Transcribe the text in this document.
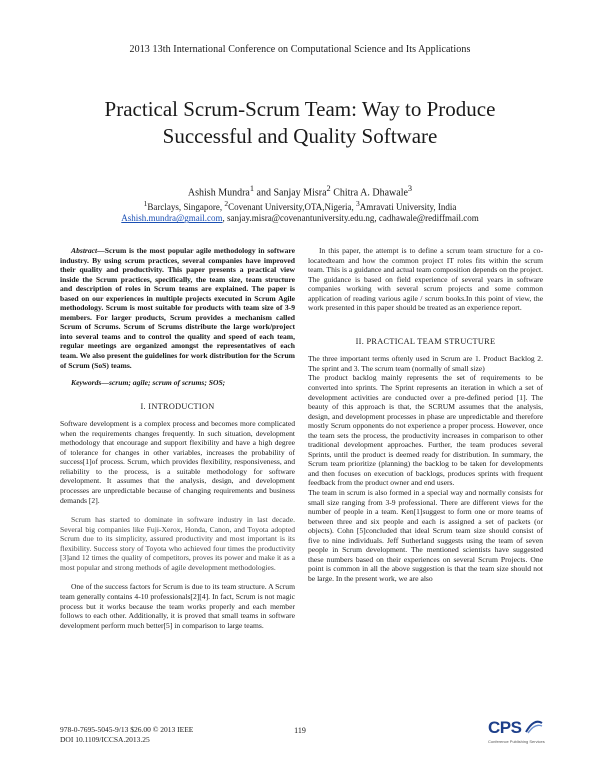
2013 13th International Conference on Computational Science and Its Applications
Practical Scrum-Scrum Team: Way to Produce
Successful and Quality Software
Ashish Mundra$^1$ and Sanjay Misra$^2$ Chitra A. Dhawale$^3$
$^1$Barclays, Singapore, $^2$Covenant University,OTA,Nigeria, $^3$Amravati University, India
Ashish.mundra@gmail.com, sanjay.misra@covenantuniversity.edu.ng, cadhawale@rediffmail.com

Abstract—Scrum is the most popular agile methodology in software industry. By using scrum practices, several companies have improved their quality and productivity. This paper presents a practical view inside the Scrum practices, specifically, the team size, team structure and description of roles in Scrum teams are explained. The paper is based on our experiences in multiple projects executed in Scrum Agile methodology. Scrum is most suitable for products with team size of 3-9 members. For larger products, Scrum provides a mechanism called Scrum of Scrums. Scrum of Scrums distribute the large work/project into several teams and to control the quality and speed of each team, regular meetings are organized amongst the representatives of each team. We also present the guidelines for work distribution for the Scrum of Scrum (SoS) teams.

Keywords—scrum; agile; scrum of scrums; SOS;

I. INTRODUCTION

Software development is a complex process and becomes more complicated when the requirements changes frequently. In such situation, development methodology that encourage and support flexibility and have a high degree of tolerance for changes in other variables, increases the probability of success[1]of process. Scrum, which provides flexibility, responsiveness, and reliability to the process, is a suitable methodology for software development. It assumes that the analysis, design, and development processes are unpredictable because of changing requirements and business demands [2].

Scrum has started to dominate in software industry in last decade. Several big companies like Fuji-Xerox, Honda, Canon, and Toyota adopted Scrum due to its simplicity, assured productivity and most important is its flexibility. Success story of Toyota who achieved four times the productivity [3]and 12 times the quality of competitors, proves its power and make it as a most popular and strong methods of agile development methodologies.

One of the success factors for Scrum is due to its team structure. A Scrum team generally contains 4-10 professionals[2][4]. In fact, Scrum is not magic process but it works because the team works properly and each member follows to each other. Additionally, it is proved that small teams in software development perform much better[5] in comparison to large teams.

In this paper, the attempt is to define a scrum team structure for a co-locatedteam and how the common project IT roles fits within the scrum team. This is a guidance and actual team composition depends on the project. The guidance is based on field experience of several years in software companies working with several scrum projects and some common application of reading various agile / scrum books.In this point of view, the work presented in this paper should be treated as an experience report.

II. PRACTICAL TEAM STRUCTURE

The three important terms oftenly used in Scrum are 1. Product Backlog 2. The sprint and 3. The scrum team (normally of small size)

The product backlog mainly represents the set of requirements to be converted into sprints. The Sprint represents an iteration in which a set of development activities are conducted over a pre-defined period [1]. The beauty of this approach is that, the SCRUM assumes that the analysis, design, and development processes in phase are unpredictable and therefore mostly Scrum opponents do not experience a proper process. However, once the team sets the process, the productivity increases in comparison to other traditional development approaches. Further, the team produces several Sprints, until the product is deemed ready for distribution. In summary, the Scrum team prioritize (planning) the backlog to be taken for developments and then focuses on execution of backlogs, produces sprints with frequent feedback from the product owner and end users.

The team in scrum is also formed in a special way and normally consists for small size ranging from 3-9 professional. There are different views for the number of people in a team. Ken[1]suggest to form one or more teams of between three and six people and each is assigned a set of packets (or objects). Cohn [5]concluded that ideal Scrum team size should consist of five to nine individuals. Jeff Sutherland suggests using the team of seven people in Scrum development. The mentioned scientists have suggested these numbers based on their experiences on several Scrum Projects. One point is common in all the above suggestion is that the team size should not be large. In the present work, we are also

978-0-7695-5045-9/13 $26.00 © 2013 IEEE
DOI 10.1109/ICCSA.2013.25
119	CPS
Conference Publishing Services
